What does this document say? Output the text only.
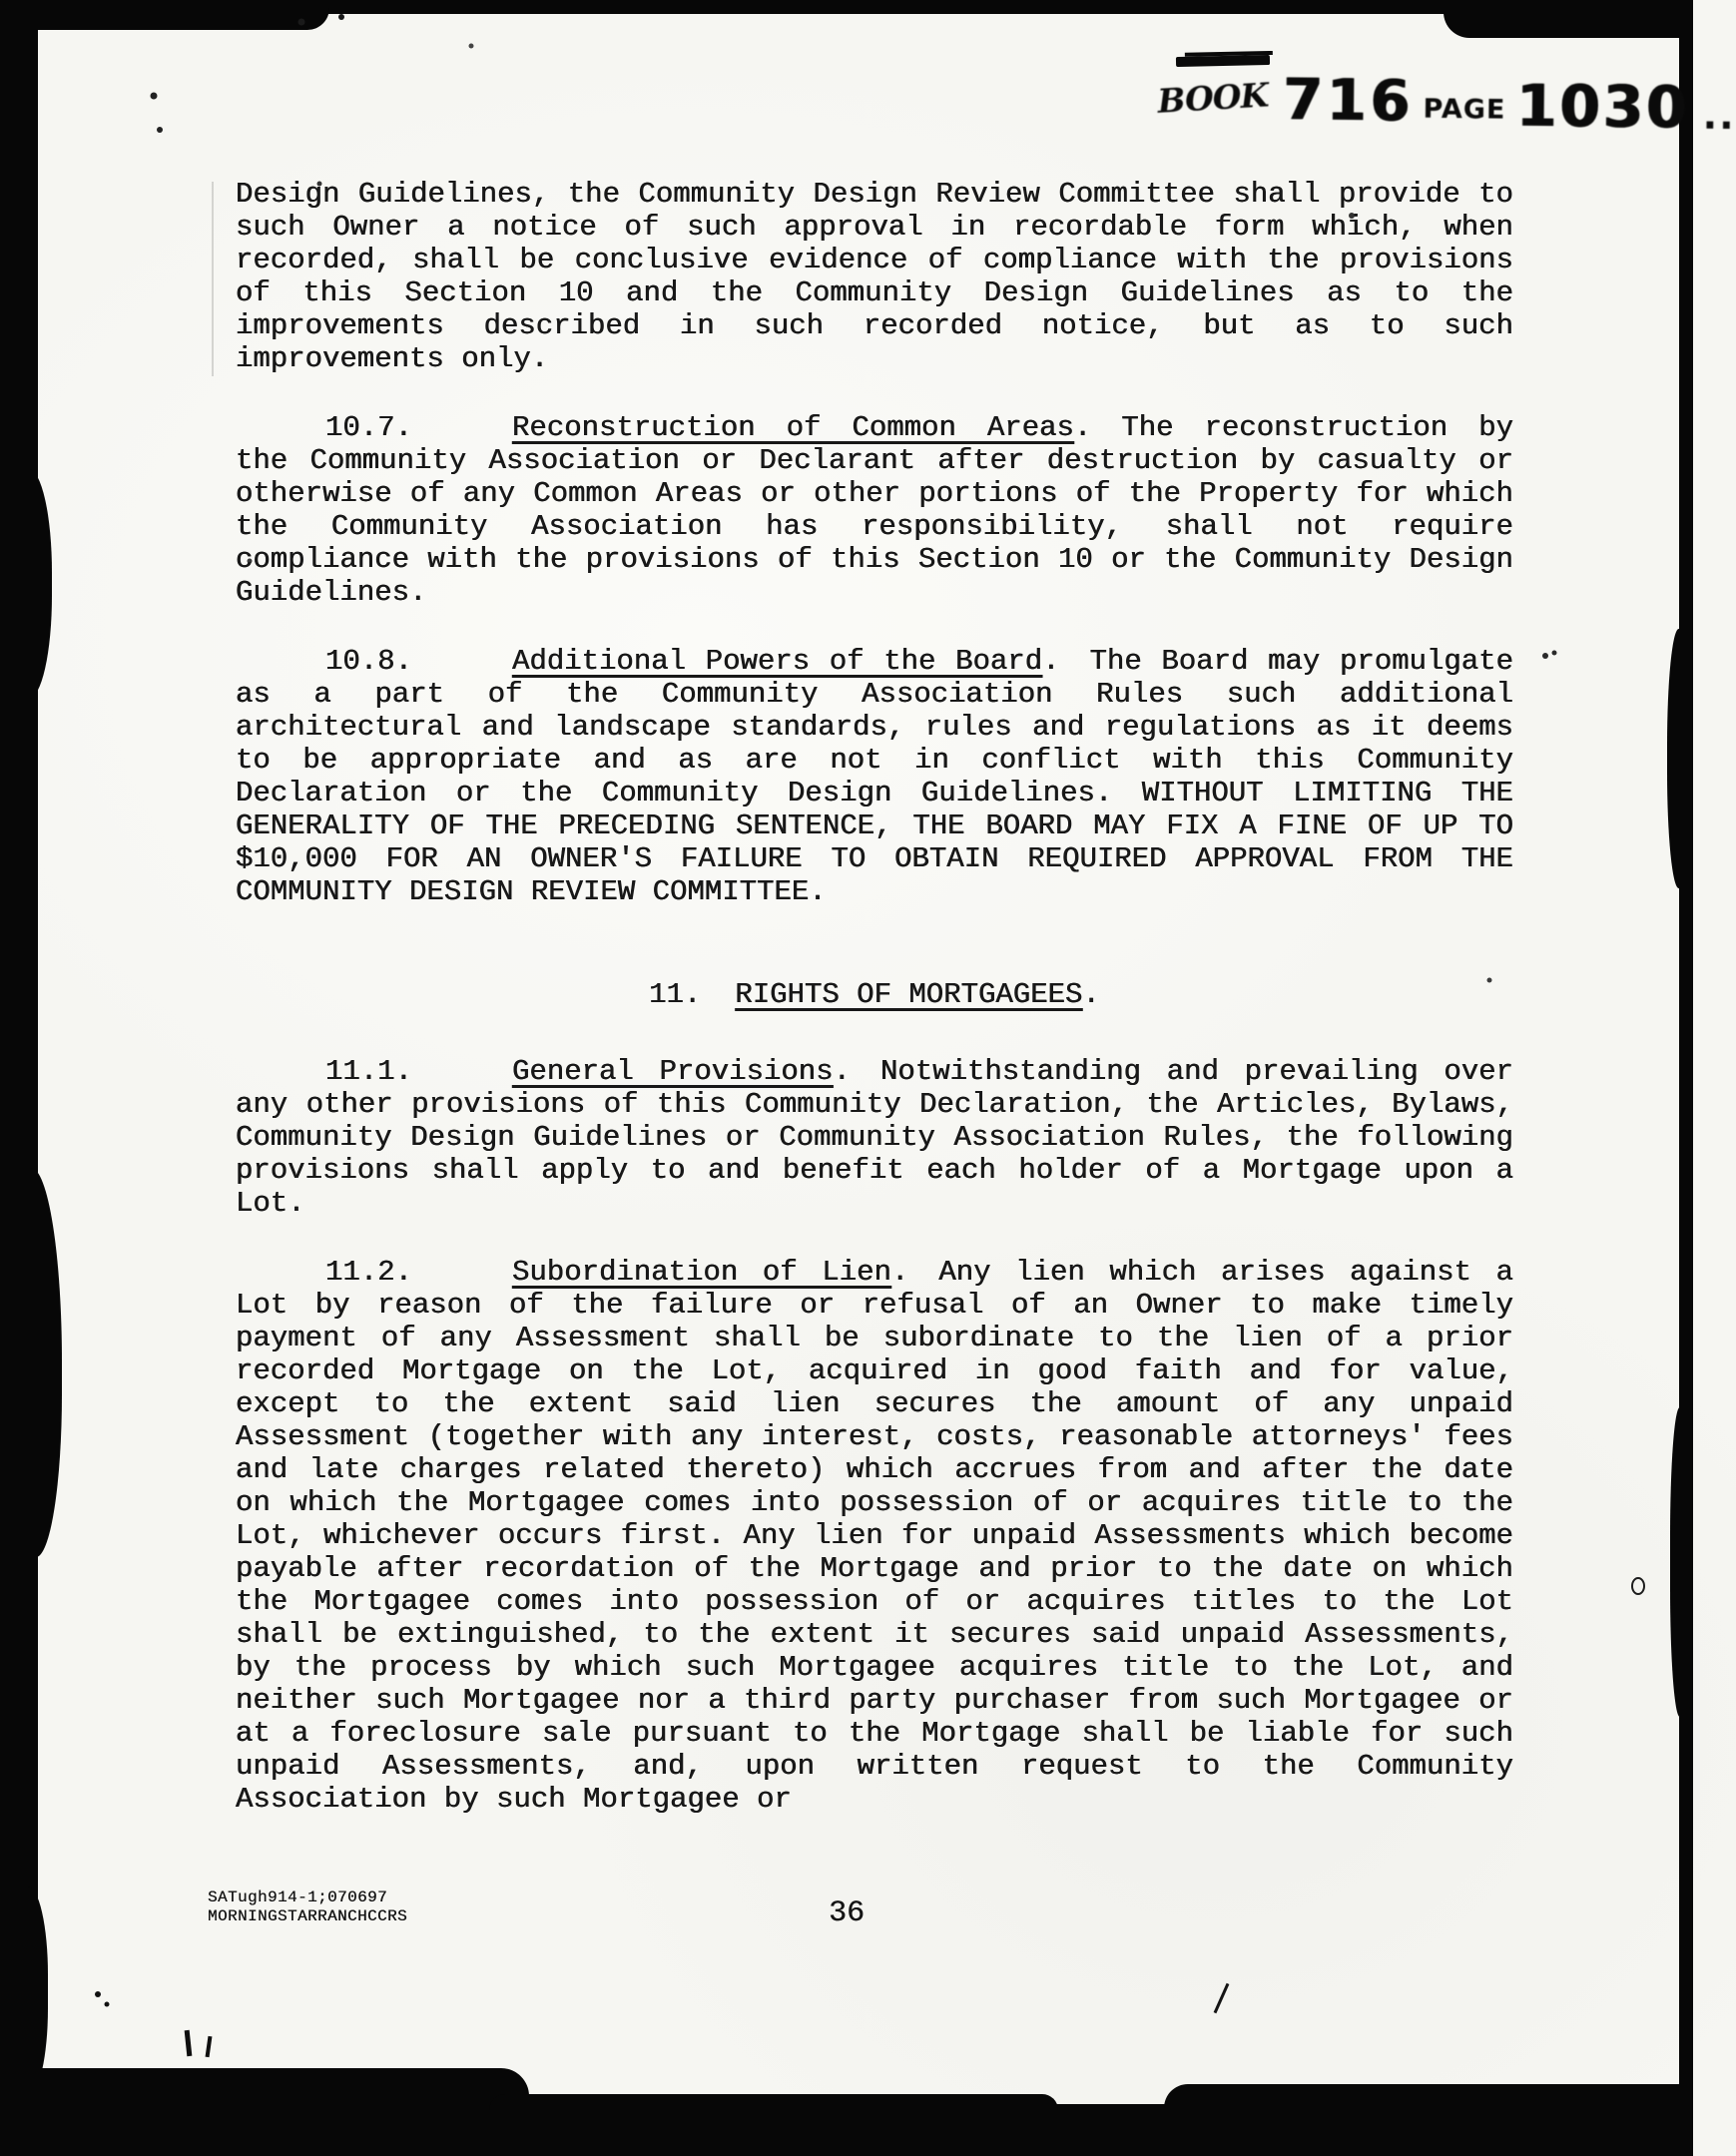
BOOK 716 PAGE 1030 ..

Design Guidelines, the Community Design Review Committee shall provide to such Owner a notice of such approval in recordable form which, when recorded, shall be conclusive evidence of compliance with the provisions of this Section 10 and the Community Design Guidelines as to the improvements described in such recorded notice, but as to such improvements only.

10.7.	Reconstruction of Common Areas. The reconstruction by the Community Association or Declarant after destruction by casualty or otherwise of any Common Areas or other portions of the Property for which the Community Association has responsibility, shall not require compliance with the provisions of this Section 10 or the Community Design Guidelines.

10.8.	Additional Powers of the Board. The Board may promulgate as a part of the Community Association Rules such additional architectural and landscape standards, rules and regulations as it deems to be appropriate and as are not in conflict with this Community Declaration or the Community Design Guidelines. WITHOUT LIMITING THE GENERALITY OF THE PRECEDING SENTENCE, THE BOARD MAY FIX A FINE OF UP TO $10,000 FOR AN OWNER'S FAILURE TO OBTAIN REQUIRED APPROVAL FROM THE COMMUNITY DESIGN REVIEW COMMITTEE.

11. RIGHTS OF MORTGAGEES.

11.1.	General Provisions. Notwithstanding and prevailing over any other provisions of this Community Declaration, the Articles, Bylaws, Community Design Guidelines or Community Association Rules, the following provisions shall apply to and benefit each holder of a Mortgage upon a Lot.

11.2.	Subordination of Lien. Any lien which arises against a Lot by reason of the failure or refusal of an Owner to make timely payment of any Assessment shall be subordinate to the lien of a prior recorded Mortgage on the Lot, acquired in good faith and for value, except to the extent said lien secures the amount of any unpaid Assessment (together with any interest, costs, reasonable attorneys' fees and late charges related thereto) which accrues from and after the date on which the Mortgagee comes into possession of or acquires title to the Lot, whichever occurs first. Any lien for unpaid Assessments which become payable after recordation of the Mortgage and prior to the date on which the Mortgagee comes into possession of or acquires titles to the Lot shall be extinguished, to the extent it secures said unpaid Assessments, by the process by which such Mortgagee acquires title to the Lot, and neither such Mortgagee nor a third party purchaser from such Mortgagee or at a foreclosure sale pursuant to the Mortgage shall be liable for such unpaid Assessments, and, upon written request to the Community Association by such Mortgagee or

SATugh914-1;070697
MORNINGSTARRANCHCCRS	36
